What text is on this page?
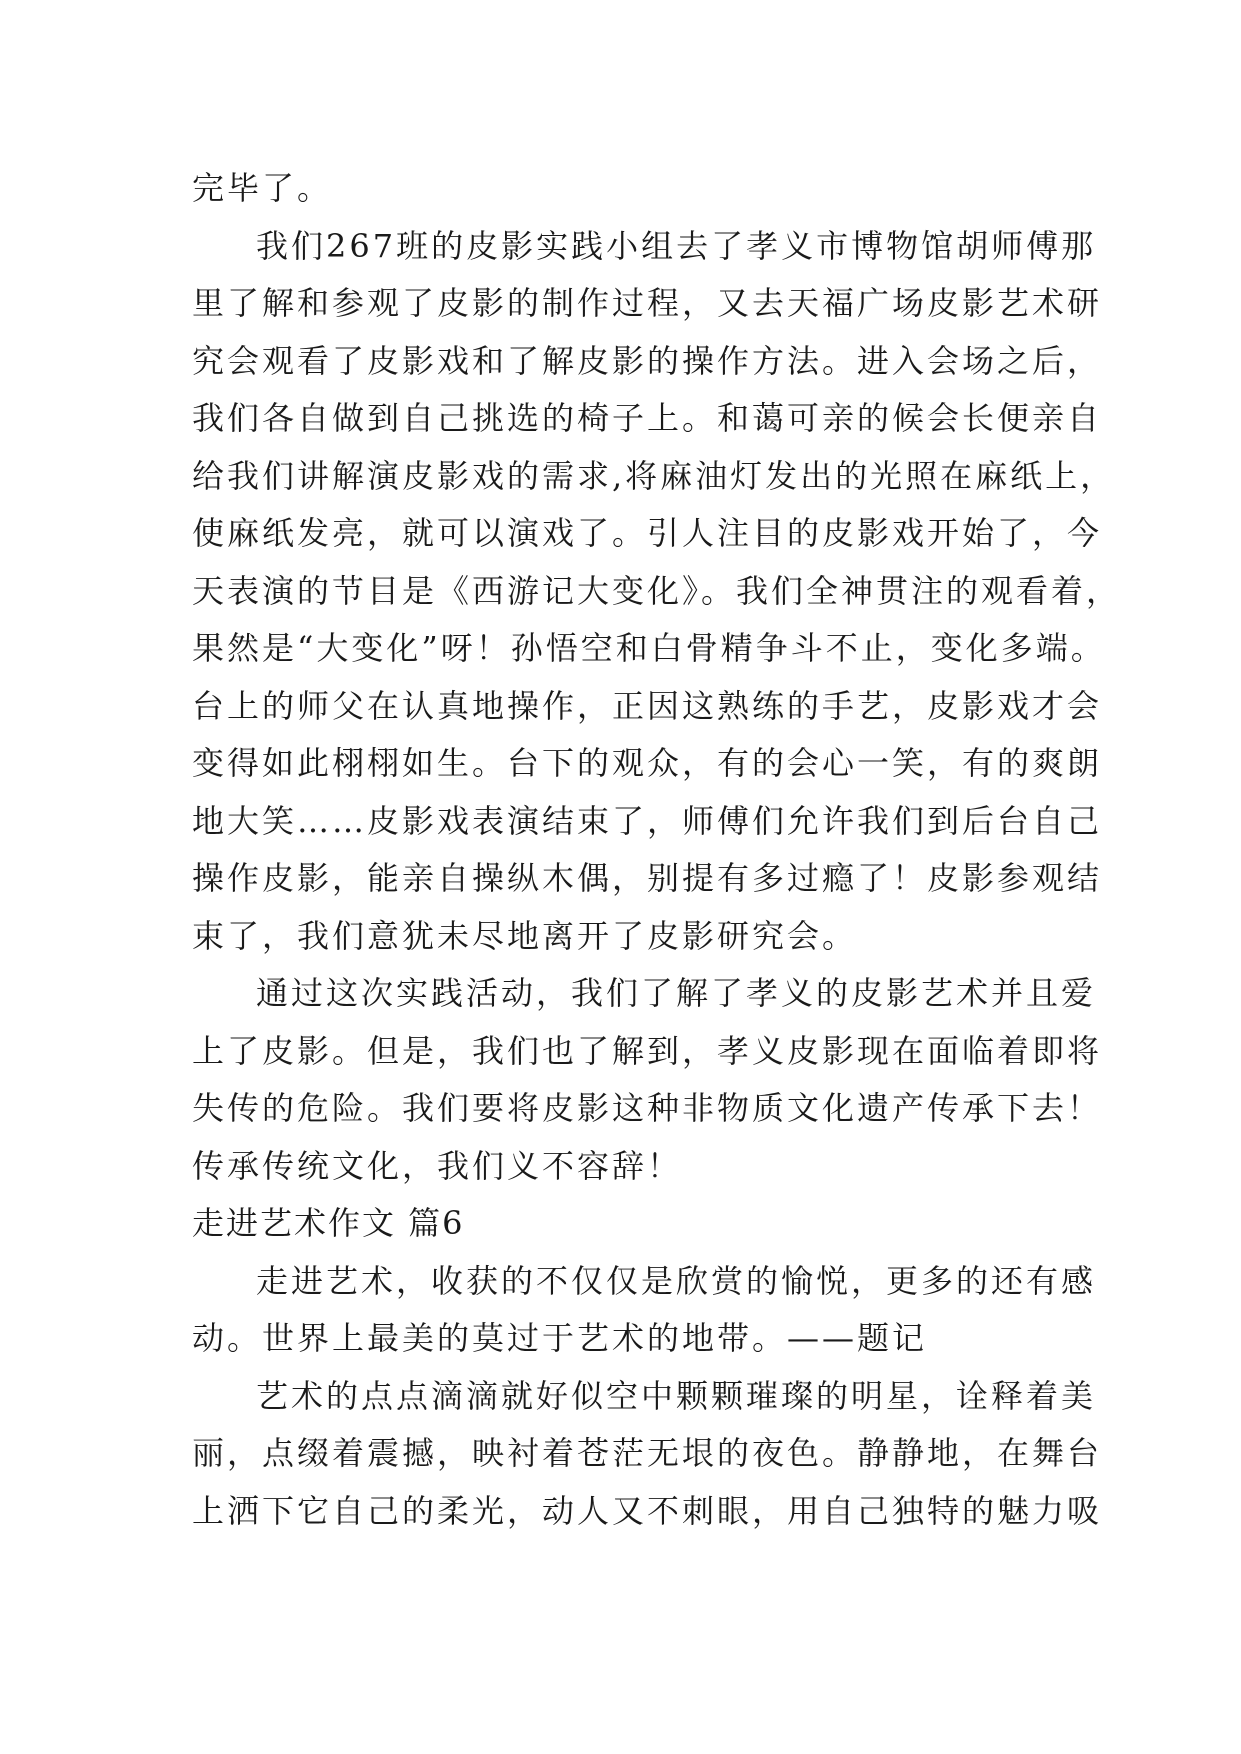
完毕了。
我们267班的皮影实践小组去了孝义市博物馆胡师傅那
里了解和参观了皮影的制作过程，又去天福广场皮影艺术研
究会观看了皮影戏和了解皮影的操作方法。进入会场之后，
我们各自做到自己挑选的椅子上。和蔼可亲的候会长便亲自
给我们讲解演皮影戏的需求,将麻油灯发出的光照在麻纸上，
使麻纸发亮，就可以演戏了。引人注目的皮影戏开始了，今
天表演的节目是《西游记大变化》。我们全神贯注的观看着，
果然是“大变化”呀！孙悟空和白骨精争斗不止，变化多端。
台上的师父在认真地操作，正因这熟练的手艺，皮影戏才会
变得如此栩栩如生。台下的观众，有的会心一笑，有的爽朗
地大笑……皮影戏表演结束了，师傅们允许我们到后台自己
操作皮影，能亲自操纵木偶，别提有多过瘾了！皮影参观结
束了，我们意犹未尽地离开了皮影研究会。
通过这次实践活动，我们了解了孝义的皮影艺术并且爱
上了皮影。但是，我们也了解到，孝义皮影现在面临着即将
失传的危险。我们要将皮影这种非物质文化遗产传承下去！
传承传统文化，我们义不容辞！
走进艺术作文 篇6
走进艺术，收获的不仅仅是欣赏的愉悦，更多的还有感
动。世界上最美的莫过于艺术的地带。——题记
艺术的点点滴滴就好似空中颗颗璀璨的明星，诠释着美
丽，点缀着震撼，映衬着苍茫无垠的夜色。静静地，在舞台
上洒下它自己的柔光，动人又不刺眼，用自己独特的魅力吸
